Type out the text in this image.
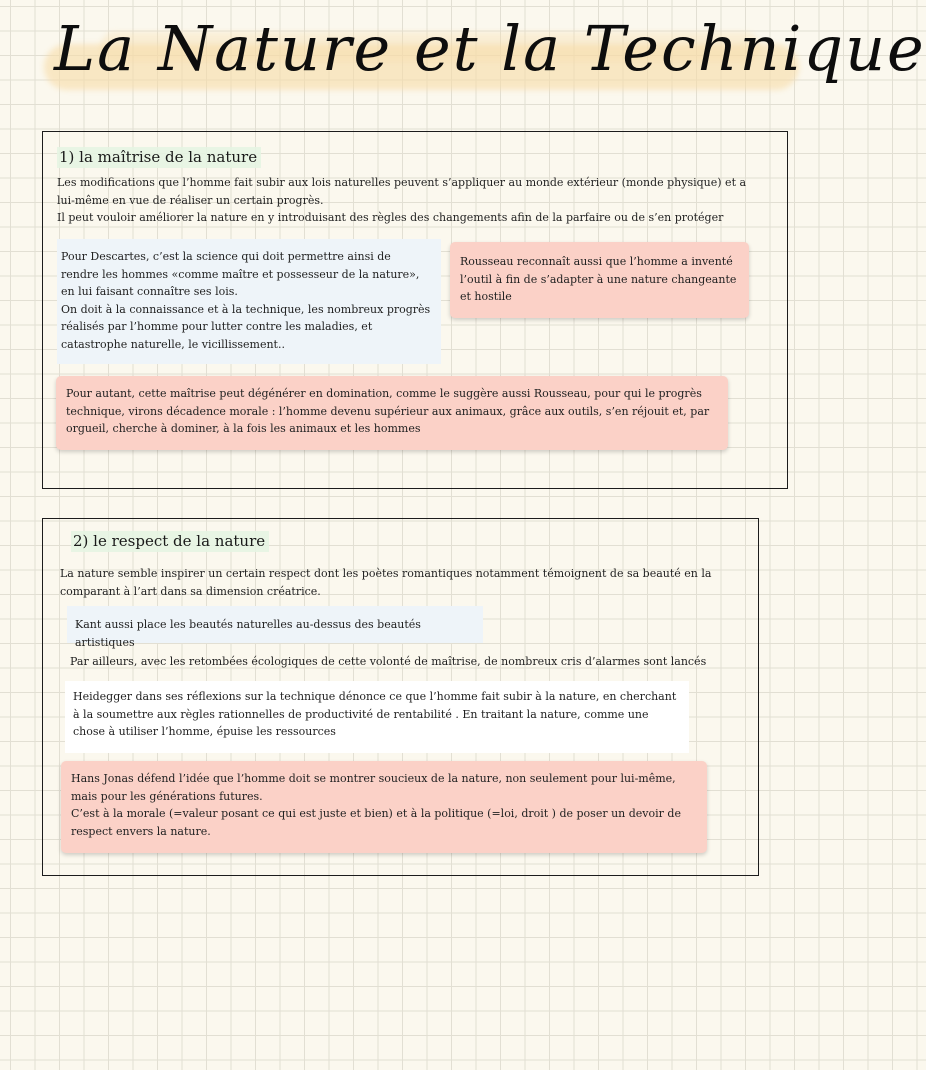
La Nature et la Technique
1) la maîtrise de la nature

Les modifications que l’homme fait subir aux lois naturelles peuvent s’appliquer au monde extérieur (monde physique) et a lui-même en vue de réaliser un certain progrès.

Il peut vouloir améliorer la nature en y introduisant des règles des changements afin de la parfaire ou de s’en protéger

Pour Descartes, c’est la science qui doit permettre ainsi de rendre les hommes «comme maître et possesseur de la nature», en lui faisant connaître ses lois.

On doit à la connaissance et à la technique, les nombreux progrès réalisés par l’homme pour lutter contre les maladies, et catastrophe naturelle, le vicillissement..

Rousseau reconnaît aussi que l’homme a inventé l’outil à fin de s’adapter à une nature changeante et hostile

Pour autant, cette maîtrise peut dégénérer en domination, comme le suggère aussi Rousseau, pour qui le progrès technique, virons décadence morale : l’homme devenu supérieur aux animaux, grâce aux outils, s’en réjouit et, par orgueil, cherche à dominer, à la fois les animaux et les hommes

2) le respect de la nature

La nature semble inspirer un certain respect dont les poètes romantiques notamment témoignent de sa beauté en la comparant à l’art dans sa dimension créatrice.

Kant aussi place les beautés naturelles au-dessus des beautés artistiques

Par ailleurs, avec les retombées écologiques de cette volonté de maîtrise, de nombreux cris d’alarmes sont lancés

Heidegger dans ses réflexions sur la technique dénonce ce que l’homme fait subir à la nature, en cherchant à la soumettre aux règles rationnelles de productivité de rentabilité . En traitant la nature, comme une chose à utiliser l’homme, épuise les ressources

Hans Jonas défend l’idée que l’homme doit se montrer soucieux de la nature, non seulement pour lui-même, mais pour les générations futures.

C’est à la morale (=valeur posant ce qui est juste et bien) et à la politique (=loi, droit ) de poser un devoir de respect envers la nature.
